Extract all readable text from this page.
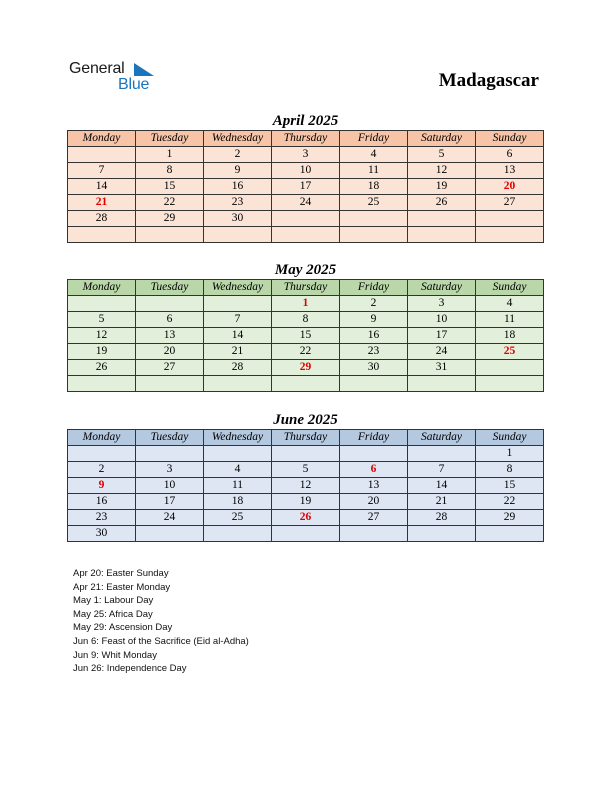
General
Blue	Madagascar
April 2025
Monday	Tuesday	Wednesday	Thursday	Friday	Saturday	Sunday
	1	2	3	4	5	6
7	8	9	10	11	12	13
14	15	16	17	18	19	20
21	22	23	24	25	26	27
28	29	30				

May 2025
Monday	Tuesday	Wednesday	Thursday	Friday	Saturday	Sunday
			1	2	3	4
5	6	7	8	9	10	11
12	13	14	15	16	17	18
19	20	21	22	23	24	25
26	27	28	29	30	31	

June 2025
Monday	Tuesday	Wednesday	Thursday	Friday	Saturday	Sunday
						1
2	3	4	5	6	7	8
9	10	11	12	13	14	15
16	17	18	19	20	21	22
23	24	25	26	27	28	29
30						
Apr 20: Easter Sunday
Apr 21: Easter Monday
May 1: Labour Day
May 25: Africa Day
May 29: Ascension Day
Jun 6: Feast of the Sacrifice (Eid al-Adha)
Jun 9: Whit Monday
Jun 26: Independence Day
